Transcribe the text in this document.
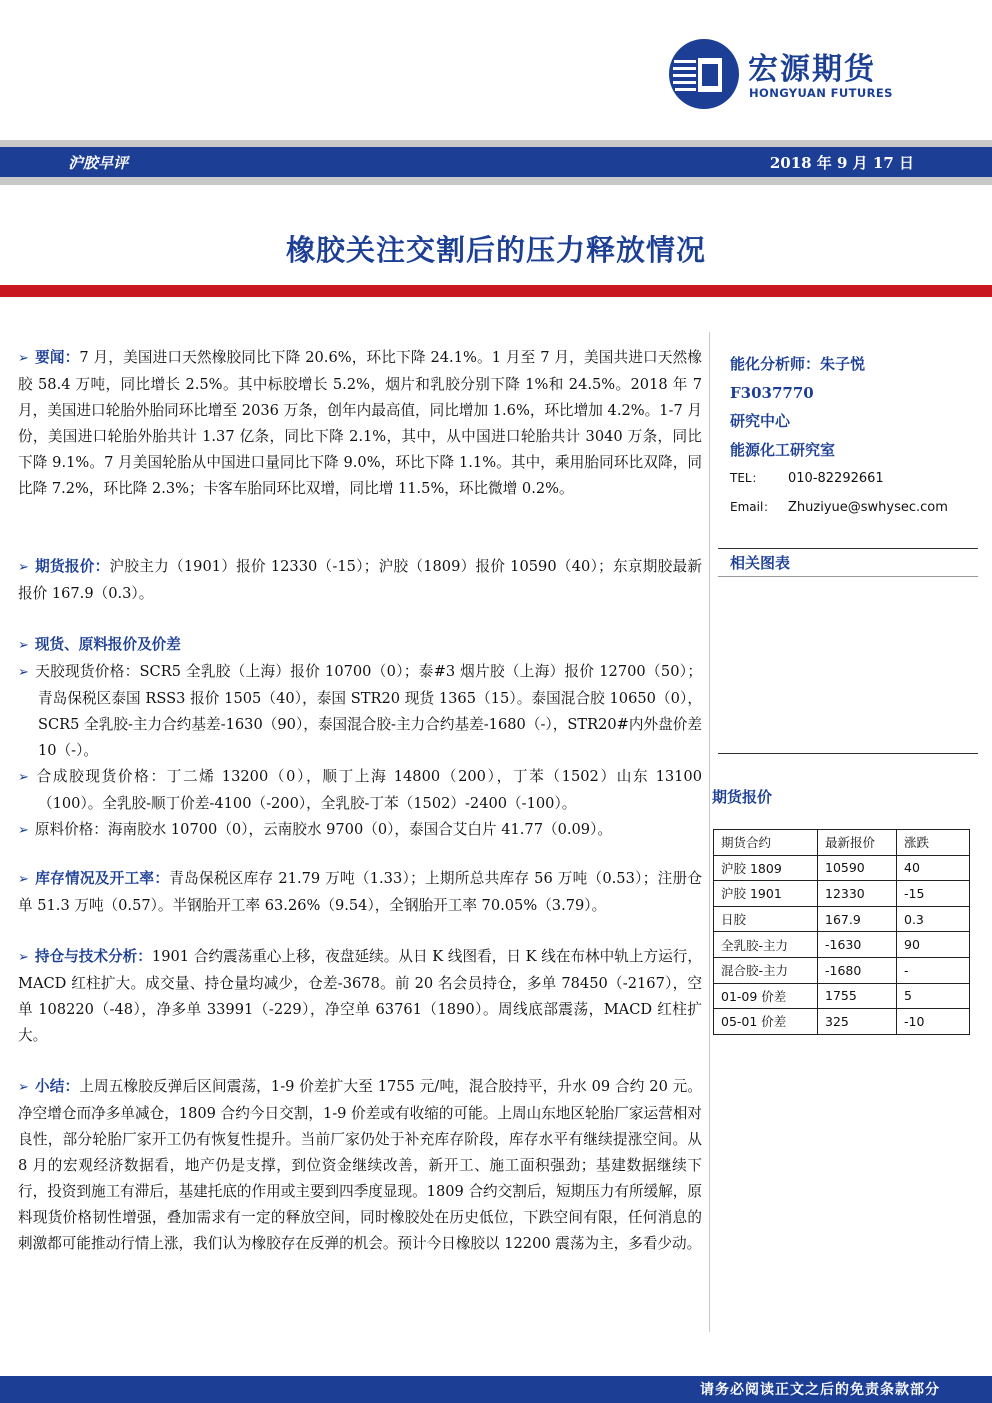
宏源期货
HONGYUAN FUTURES
沪胶早评	2018 年 9 月 17 日
橡胶关注交割后的压力释放情况

➢ 要闻：7 月，美国进口天然橡胶同比下降 20.6%，环比下降 24.1%。1 月至 7 月，美国共进口天然橡胶 58.4 万吨，同比增长 2.5%。其中标胶增长 5.2%，烟片和乳胶分别下降 1%和 24.5%。2018 年 7 月，美国进口轮胎外胎同环比增至 2036 万条，创年内最高值，同比增加 1.6%，环比增加 4.2%。1-7 月份，美国进口轮胎外胎共计 1.37 亿条，同比下降 2.1%，其中，从中国进口轮胎共计 3040 万条，同比下降 9.1%。7 月美国轮胎从中国进口量同比下降 9.0%，环比下降 1.1%。其中，乘用胎同环比双降，同比降 7.2%，环比降 2.3%；卡客车胎同环比双增，同比增 11.5%，环比微增 0.2%。

➢ 期货报价：沪胶主力（1901）报价 12330（-15）；沪胶（1809）报价 10590（40）；东京期胶最新报价 167.9（0.3）。

➢ 现货、原料报价及价差

➢ 天胶现货价格：SCR5 全乳胶（上海）报价 10700（0）；泰#3 烟片胶（上海）报价 12700（50）；青岛保税区泰国 RSS3 报价 1505（40），泰国 STR20 现货 1365（15）。泰国混合胶 10650（0），SCR5 全乳胶-主力合约基差-1630（90），泰国混合胶-主力合约基差-1680（-），STR20#内外盘价差 10（-）。

➢ 合成胶现货价格：丁二烯 13200（0），顺丁上海 14800（200），丁苯（1502）山东 13100（100）。全乳胶-顺丁价差-4100（-200），全乳胶-丁苯（1502）-2400（-100）。

➢ 原料价格：海南胶水 10700（0），云南胶水 9700（0），泰国合艾白片 41.77（0.09）。

➢ 库存情况及开工率：青岛保税区库存 21.79 万吨（1.33）；上期所总共库存 56 万吨（0.53）；注册仓单 51.3 万吨（0.57）。半钢胎开工率 63.26%（9.54），全钢胎开工率 70.05%（3.79）。

➢ 持仓与技术分析：1901 合约震荡重心上移，夜盘延续。从日 K 线图看，日 K 线在布林中轨上方运行，MACD 红柱扩大。成交量、持仓量均减少，仓差-3678。前 20 名会员持仓，多单 78450（-2167），空单 108220（-48），净多单 33991（-229），净空单 63761（1890）。周线底部震荡，MACD 红柱扩大。

➢ 小结：上周五橡胶反弹后区间震荡，1-9 价差扩大至 1755 元/吨，混合胶持平，升水 09 合约 20 元。净空增仓而净多单减仓，1809 合约今日交割，1-9 价差或有收缩的可能。上周山东地区轮胎厂家运营相对良性，部分轮胎厂家开工仍有恢复性提升。当前厂家仍处于补充库存阶段，库存水平有继续提涨空间。从 8 月的宏观经济数据看，地产仍是支撑，到位资金继续改善，新开工、施工面积强劲；基建数据继续下行，投资到施工有滞后，基建托底的作用或主要到四季度显现。1809 合约交割后，短期压力有所缓解，原料现货价格韧性增强，叠加需求有一定的释放空间，同时橡胶处在历史低位，下跌空间有限，任何消息的刺激都可能推动行情上涨，我们认为橡胶存在反弹的机会。预计今日橡胶以 12200 震荡为主，多看少动。

能化分析师：朱子悦
F3037770
研究中心
能源化工研究室
TEL： 010-82292661
Email： Zhuziyue@swhysec.com
相关图表
期货报价
期货合约	最新报价	涨跌
沪胶 1809	10590	40
沪胶 1901	12330	-15
日胶	167.9	0.3
全乳胶-主力	-1630	90
混合胶-主力	-1680	-
01-09 价差	1755	5
05-01 价差	325	-10
请务必阅读正文之后的免责条款部分
